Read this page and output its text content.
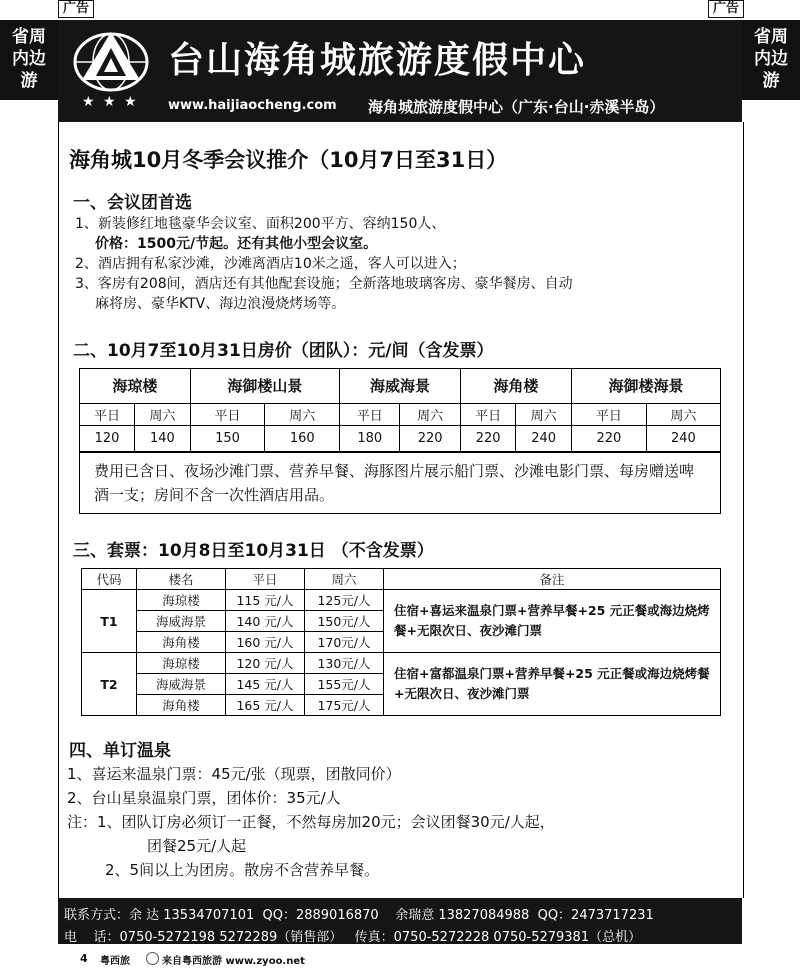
广告
省周
内边
游
广告
省周
内边
游
★ ★ ★
台山海角城旅游度假中心
www.haijiaocheng.com 海角城旅游度假中心（广东·台山·赤溪半岛）
海角城10月冬季会议推介（10月7日至31日）
一、会议团首选
1、新装修红地毯豪华会议室、面积200平方、容纳150人、
价格：1500元/节起。还有其他小型会议室。
2、酒店拥有私家沙滩，沙滩离酒店10米之遥，客人可以进入；
3、客房有208间，酒店还有其他配套设施；全新落地玻璃客房、豪华餐房、自动
麻将房、豪华KTV、海边浪漫烧烤场等。
二、10月7至10月31日房价（团队）：元/间（含发票）
海琼楼		海御楼山景		海威海景		海角楼		海御楼海景	
平日	周六	平日	周六	平日	周六	平日	周六	平日	周六
120	140	150	160	180	220	220	240	220	240
费用已含日、夜场沙滩门票、营养早餐、海豚图片展示船门票、沙滩电影门票、每房赠送啤酒一支；房间不含一次性酒店用品。
三、套票：10月8日至10月31日 （不含发票）
代码	楼名	平日	周六	备注
T1	海琼楼	115 元/人	125元/人	住宿+喜运来温泉门票+营养早餐+25 元正餐或海边烧烤餐+无限次日、夜沙滩门票
	海威海景	140 元/人	150元/人	
	海角楼	160 元/人	170元/人	
T2	海琼楼	120 元/人	130元/人	住宿+富都温泉门票+营养早餐+25 元正餐或海边烧烤餐+无限次日、夜沙滩门票
	海威海景	145 元/人	155元/人	
	海角楼	165 元/人	175元/人	
四、单订温泉
1、喜运来温泉门票：45元/张（现票，团散同价）
2、台山星泉温泉门票，团体价：35元/人
注：1、团队订房必须订一正餐，不然每房加20元；会议团餐30元/人起，
团餐25元/人起
2、5间以上为团房。散房不含营养早餐。
联系方式：余 达 13534707101  QQ：2889016870    余瑞意 13827084988  QQ：2473717231
电    话：0750-5272198 5272289（销售部）   传真：0750-5272228 0750-5279381（总机）
4 粤西旅	来自粤西旅游 www.zyoo.net
